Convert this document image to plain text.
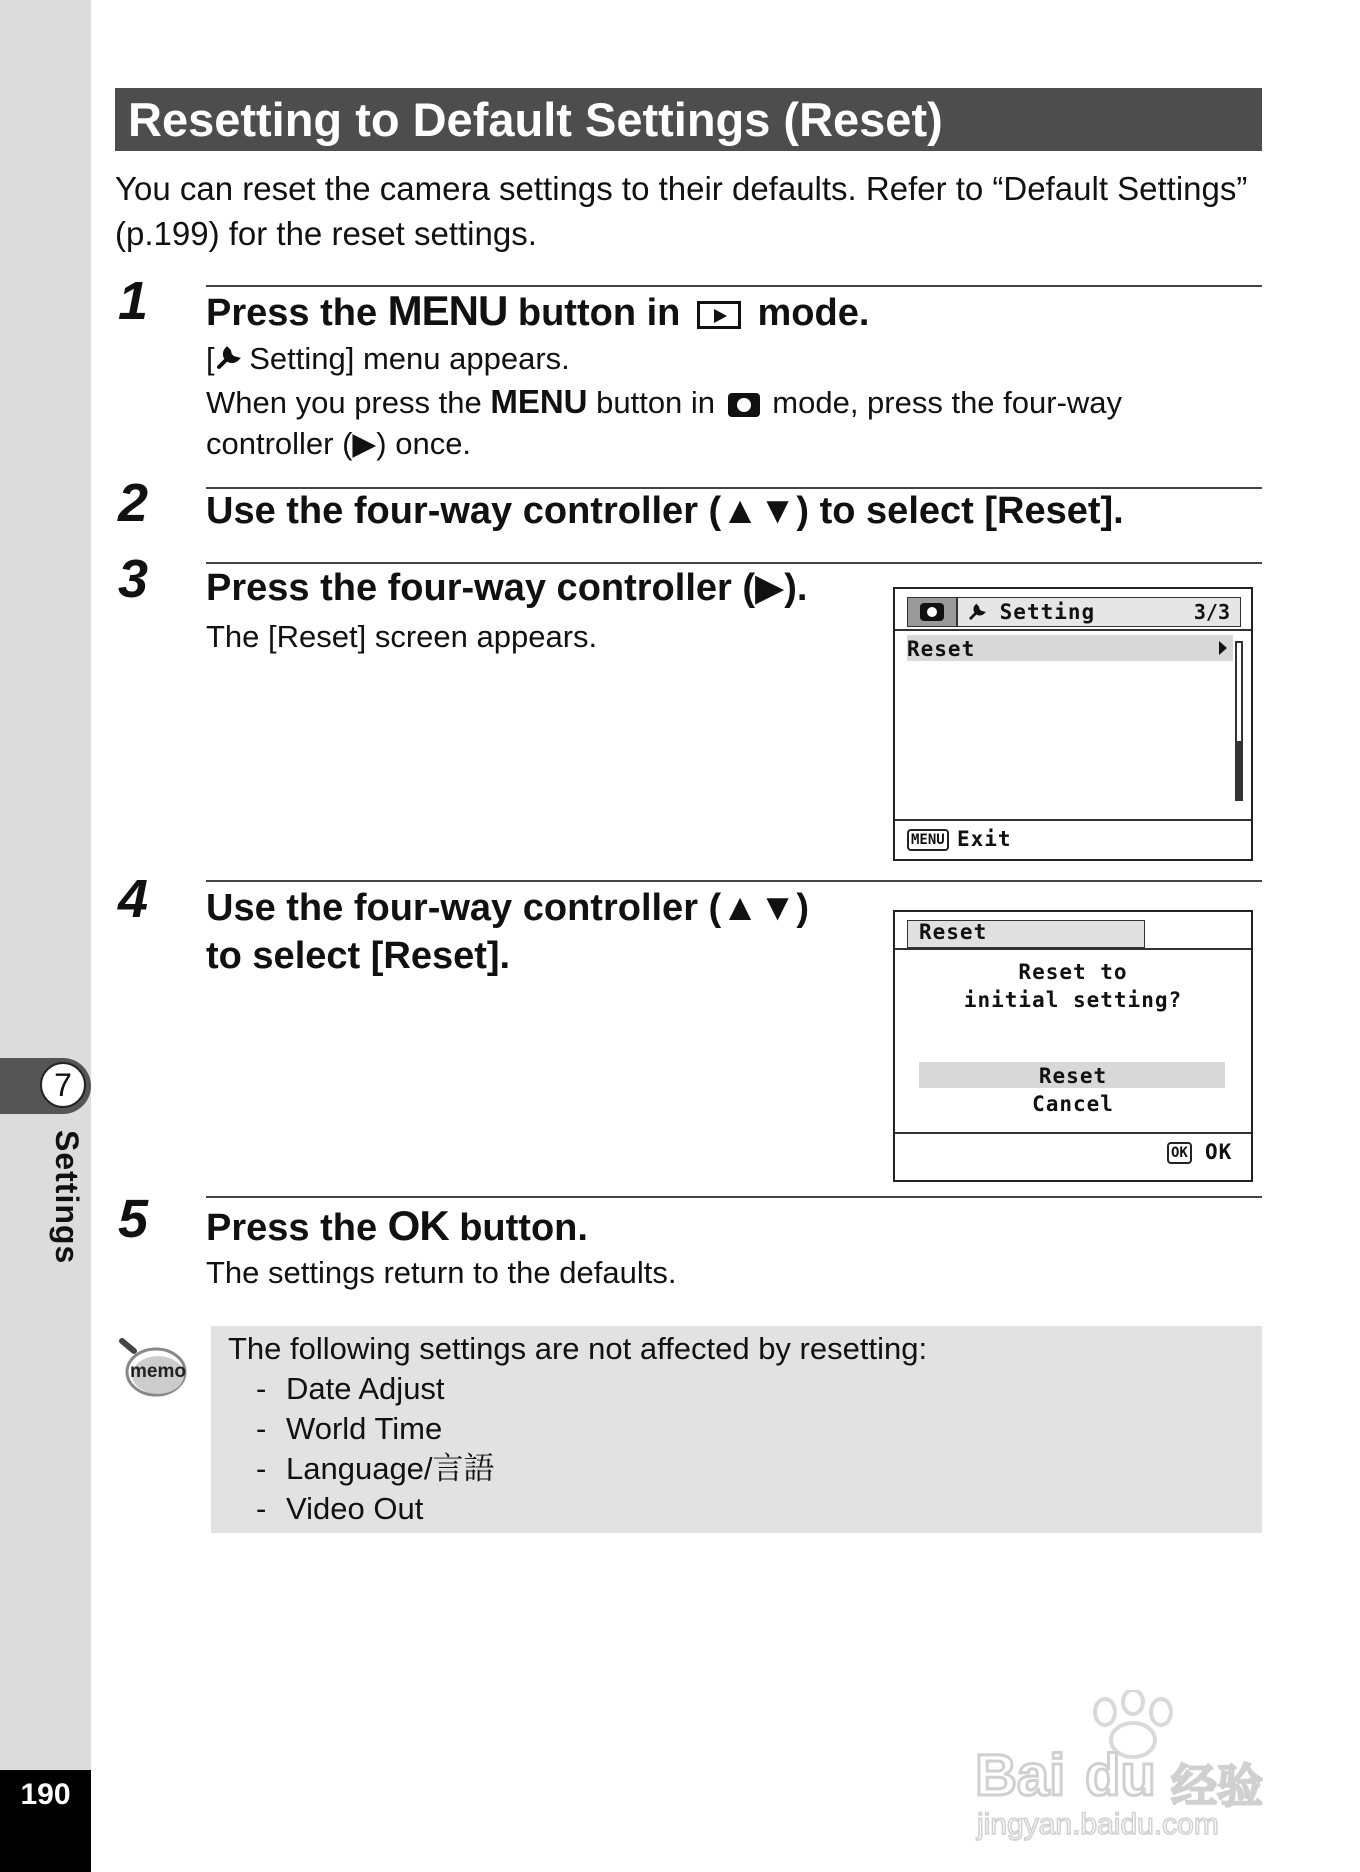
7
Settings
190
Resetting to Default Settings (Reset)
You can reset the camera settings to their defaults. Refer to “Default Settings” (p.199) for the reset settings.
1 Press the MENU button in  mode.
[ Setting] menu appears.
When you press the MENU button in  mode, press the four-way
controller (▶) once.
2 Use the four-way controller (▲▼) to select [Reset].
3 Press the four-way controller (▶).
The [Reset] screen appears.
Setting	3/3
Reset
MENU Exit
4 Use the four-way controller (▲▼)
to select [Reset].
Reset
Reset to
initial setting?
Reset
Cancel
OK OK
5 Press the OK button.
The settings return to the defaults.
memo
The following settings are not affected by resetting:
- Date Adjust
- World Time
- Language/言語
- Video Out
Bai du 经验
jingyan.baidu.com
